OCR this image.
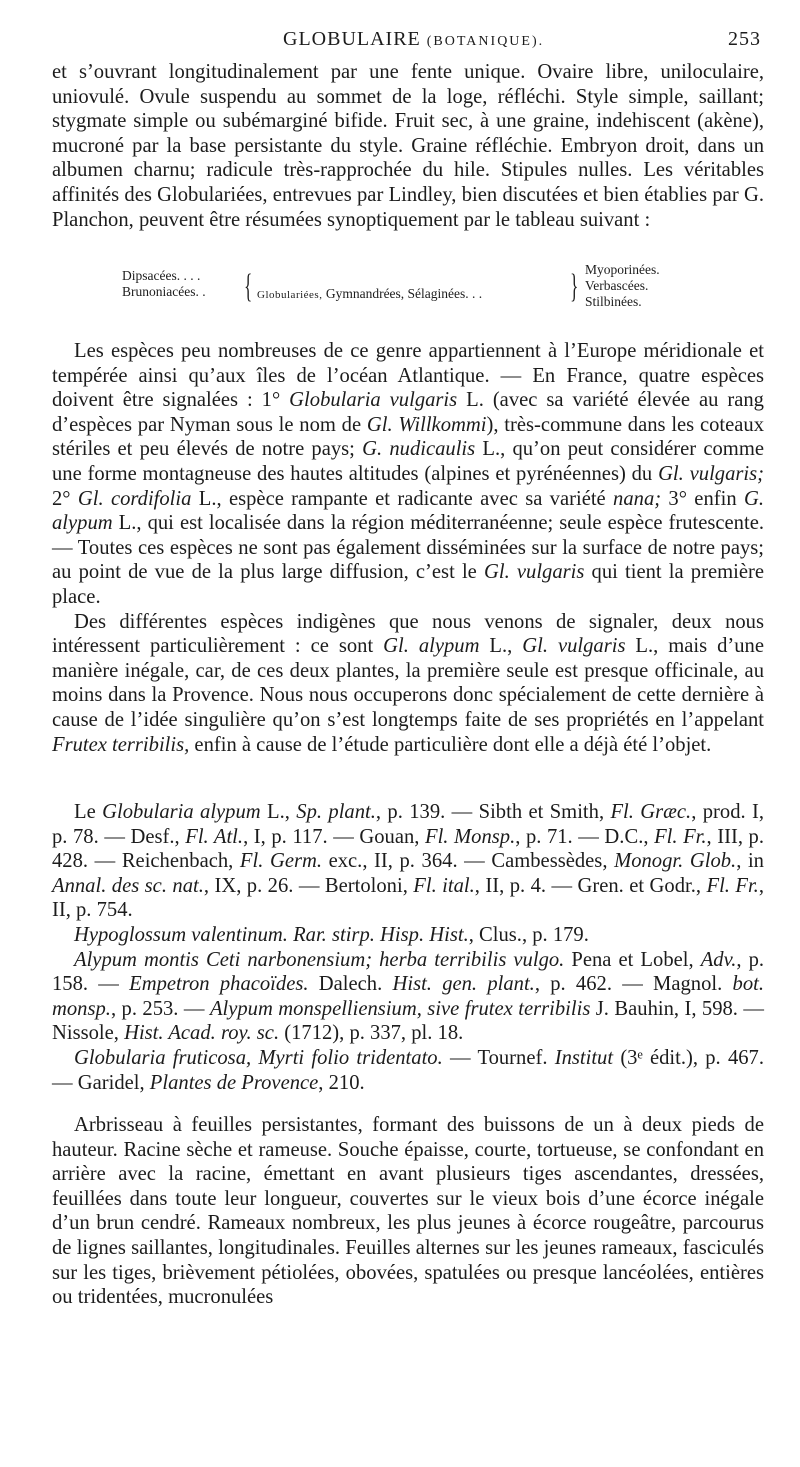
GLOBULAIRE (BOTANIQUE).	253

et s’ouvrant longitudinalement par une fente unique. Ovaire libre, uniloculaire, uniovulé. Ovule suspendu au sommet de la loge, réfléchi. Style simple, saillant; stygmate simple ou subémarginé bifide. Fruit sec, à une graine, indehiscent (akène), mucroné par la base persistante du style. Graine réfléchie. Embryon droit, dans un albumen charnu; radicule très-rapprochée du hile. Stipules nulles. Les véritables affinités des Globulariées, entrevues par Lindley, bien discutées et bien établies par G. Planchon, peuvent être résumées synoptiquement par le tableau suivant :

Dipsacées. . . .
Brunoniacées. . { Globulariées, Gymnandrées, Sélaginées. . .	} Myoporinées.
Verbascées.
Stilbinées.

Les espèces peu nombreuses de ce genre appartiennent à l’Europe méridionale et tempérée ainsi qu’aux îles de l’océan Atlantique. — En France, quatre espèces doivent être signalées : 1° Globularia vulgaris L. (avec sa variété élevée au rang d’espèces par Nyman sous le nom de Gl. Willkommi), très-commune dans les coteaux stériles et peu élevés de notre pays; G. nudicaulis L., qu’on peut considérer comme une forme montagneuse des hautes altitudes (alpines et pyrénéennes) du Gl. vulgaris; 2° Gl. cordifolia L., espèce rampante et radicante avec sa variété nana; 3° enfin G. alypum L., qui est localisée dans la région méditerranéenne; seule espèce frutescente. — Toutes ces espèces ne sont pas également disséminées sur la surface de notre pays; au point de vue de la plus large diffusion, c’est le Gl. vulgaris qui tient la première place.

Des différentes espèces indigènes que nous venons de signaler, deux nous intéressent particulièrement : ce sont Gl. alypum L., Gl. vulgaris L., mais d’une manière inégale, car, de ces deux plantes, la première seule est presque officinale, au moins dans la Provence. Nous nous occuperons donc spécialement de cette dernière à cause de l’idée singulière qu’on s’est longtemps faite de ses propriétés en l’appelant Frutex terribilis, enfin à cause de l’étude particulière dont elle a déjà été l’objet.

Le Globularia alypum L., Sp. plant., p. 139. — Sibth et Smith, Fl. Græc., prod. I, p. 78. — Desf., Fl. Atl., I, p. 117. — Gouan, Fl. Monsp., p. 71. — D.C., Fl. Fr., III, p. 428. — Reichenbach, Fl. Germ. exc., II, p. 364. — Cambessèdes, Monogr. Glob., in Annal. des sc. nat., IX, p. 26. — Bertoloni, Fl. ital., II, p. 4. — Gren. et Godr., Fl. Fr., II, p. 754.

Hypoglossum valentinum. Rar. stirp. Hisp. Hist., Clus., p. 179.

Alypum montis Ceti narbonensium; herba terribilis vulgo. Pena et Lobel, Adv., p. 158. — Empetron phacoïdes. Dalech. Hist. gen. plant., p. 462. — Magnol. bot. monsp., p. 253. — Alypum monspelliensium, sive frutex terribilis J. Bauhin, I, 598. — Nissole, Hist. Acad. roy. sc. (1712), p. 337, pl. 18.

Globularia fruticosa, Myrti folio tridentato. — Tournef. Institut (3ᵉ édit.), p. 467. — Garidel, Plantes de Provence, 210.

Arbrisseau à feuilles persistantes, formant des buissons de un à deux pieds de hauteur. Racine sèche et rameuse. Souche épaisse, courte, tortueuse, se confondant en arrière avec la racine, émettant en avant plusieurs tiges ascendantes, dressées, feuillées dans toute leur longueur, couvertes sur le vieux bois d’une écorce inégale d’un brun cendré. Rameaux nombreux, les plus jeunes à écorce rougeâtre, parcourus de lignes saillantes, longitudinales. Feuilles alternes sur les jeunes rameaux, fasciculés sur les tiges, brièvement pétiolées, obovées, spatulées ou presque lancéolées, entières ou tridentées, mucronulées
